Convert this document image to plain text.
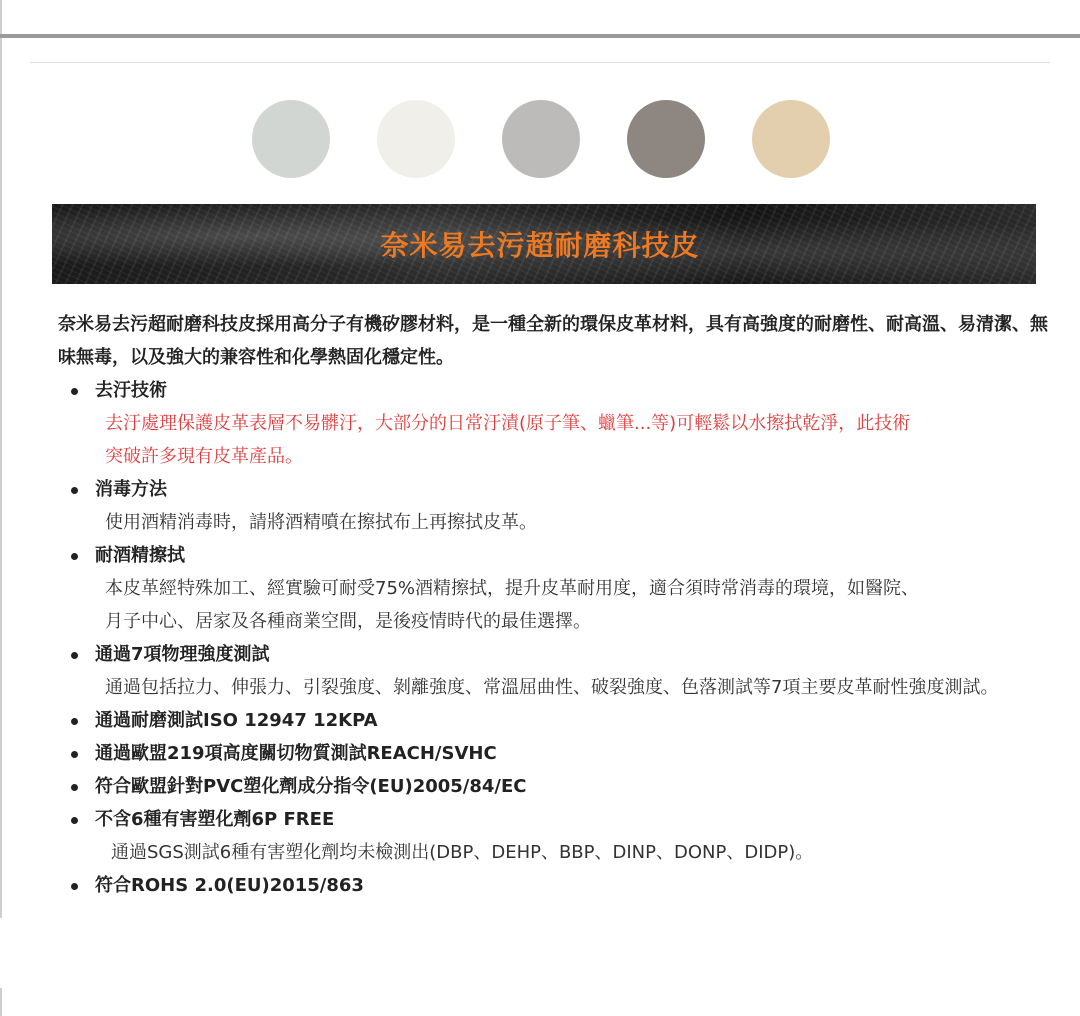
奈米易去污超耐磨科技皮

奈米易去污超耐磨科技皮採用高分子有機矽膠材料，是一種全新的環保皮革材料，具有高強度的耐磨性、耐高溫、易清潔、無味無毒，以及強大的兼容性和化學熱固化穩定性。

去汙技術
去汙處理保護皮革表層不易髒汙，大部分的日常汙漬(原子筆、蠟筆...等)可輕鬆以水擦拭乾淨，此技術突破許多現有皮革產品。
消毒方法
使用酒精消毒時，請將酒精噴在擦拭布上再擦拭皮革。
耐酒精擦拭
本皮革經特殊加工、經實驗可耐受75%酒精擦拭，提升皮革耐用度，適合須時常消毒的環境，如醫院、月子中心、居家及各種商業空間，是後疫情時代的最佳選擇。
通過7項物理強度測試
通過包括拉力、伸張力、引裂強度、剝離強度、常溫屈曲性、破裂強度、色落測試等7項主要皮革耐性強度測試。
通過耐磨測試ISO 12947 12KPA
通過歐盟219項高度關切物質測試REACH/SVHC
符合歐盟針對PVC塑化劑成分指令(EU)2005/84/EC
不含6種有害塑化劑6P FREE
通過SGS測試6種有害塑化劑均未檢測出(DBP、DEHP、BBP、DINP、DONP、DIDP)。
符合ROHS 2.0(EU)2015/863
